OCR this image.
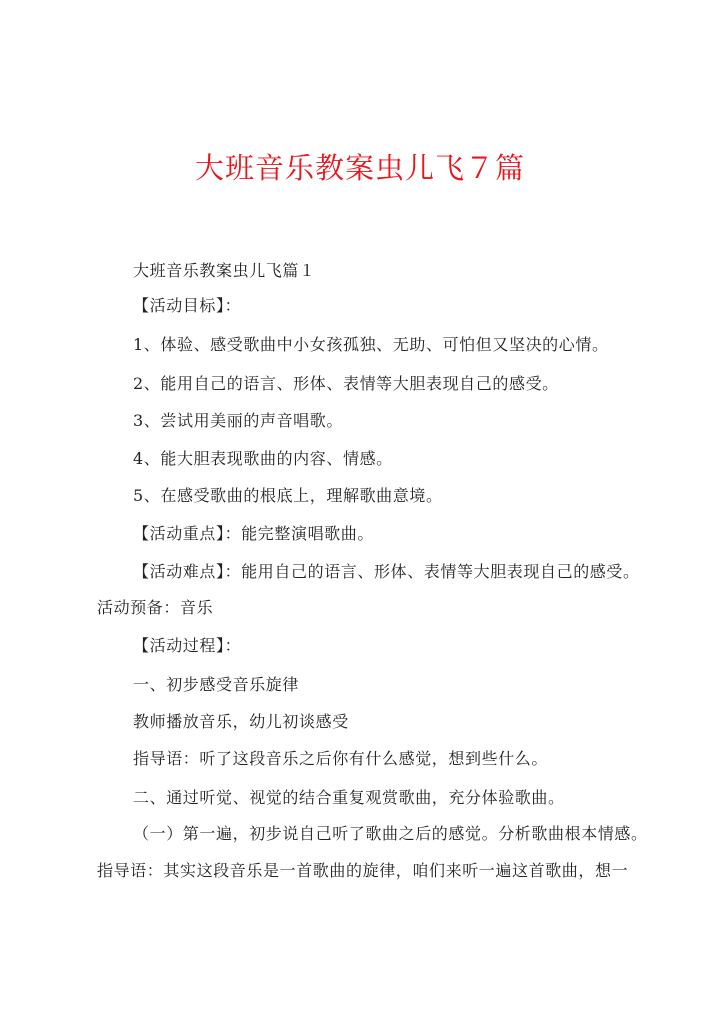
大班音乐教案虫儿飞７篇
大班音乐教案虫儿飞篇１
【活动目标】：
1、体验、感受歌曲中小女孩孤独、无助、可怕但又坚决的心情。
2、能用自己的语言、形体、表情等大胆表现自己的感受。
3、尝试用美丽的声音唱歌。
4、能大胆表现歌曲的内容、情感。
5、在感受歌曲的根底上，理解歌曲意境。
【活动重点】：能完整演唱歌曲。
【活动难点】：能用自己的语言、形体、表情等大胆表现自己的感受。
活动预备：音乐
【活动过程】：
一、初步感受音乐旋律
教师播放音乐，幼儿初谈感受
指导语：听了这段音乐之后你有什么感觉，想到些什么。
二、通过听觉、视觉的结合重复观赏歌曲，充分体验歌曲。
（一）第一遍，初步说自己听了歌曲之后的感觉。分析歌曲根本情感。
指导语：其实这段音乐是一首歌曲的旋律，咱们来听一遍这首歌曲，想一
